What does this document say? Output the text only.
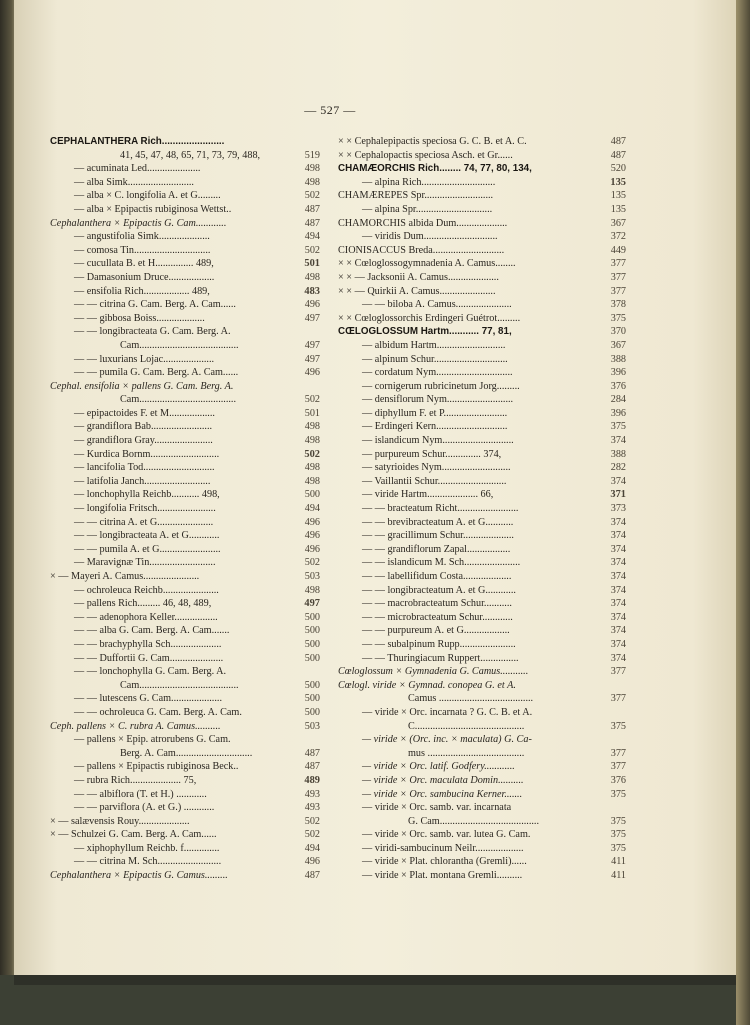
— 527 —
CEPHALANTHERA Rich.......................
41, 45, 47, 48, 65, 71, 73, 79, 488,	519
— acuminata Led.....................	498
— alba Simk..........................	498
— alba × C. longifolia A. et G.........	502
— alba × Epipactis rubiginosa Wettst..	487
Cephalanthera × Epipactis G. Cam............	487
— angustifolia Simk....................	494
— comosa Tin..............................	502
— cucullata B. et H............... 489,	501
— Damasonium Druce..................	498
— ensifolia Rich.................. 489,	483
— — citrina G. Cam. Berg. A. Cam......	496
— — gibbosa Boiss...................	497
— — longibracteata G. Cam. Berg. A.
Cam.......................................	497
— — luxurians Lojac....................	497
— — pumila G. Cam. Berg. A. Cam......	496
Cephal. ensifolia × pallens G. Cam. Berg. A.
Cam......................................	502
— epipactoides F. et M..................	501
— grandiflora Bab........................	498
— grandiflora Gray.......................	498
— Kurdica Bornm...........................	502
— lancifolia Tod............................	498
— latifolia Janch..........................	498
— lonchophylla Reichb........... 498,	500
— longifolia Fritsch.......................	494
— — citrina A. et G......................	496
— — longibracteata A. et G............	496
— — pumila A. et G........................	496
— Maravignæ Tin..........................	502
× — Mayeri A. Camus......................	503
— ochroleuca Reichb......................	498
— pallens Rich......... 46, 48, 489,	497
— — adenophora Keller.................	500
— — alba G. Cam. Berg. A. Cam.......	500
— — brachyphylla Sch....................	500
— — Duffortii G. Cam.....................	500
— — lonchophylla G. Cam. Berg. A.
Cam.......................................	500
— — lutescens G. Cam....................	500
— — ochroleuca G. Cam. Berg. A. Cam.	500
Ceph. pallens × C. rubra A. Camus..........	503
— pallens × Epip. atrorubens G. Cam.
Berg. A. Cam..............................	487
— pallens × Epipactis rubiginosa Beck..	487
— rubra Rich.................... 75,	489
— — albiflora (T. et H.) ............	493
— — parviflora (A. et G.) ............	493
× — salævensis Rouy....................	502
× — Schulzei G. Cam. Berg. A. Cam......	502
— xiphophyllum Reichb. f..............	494
— — citrina M. Sch.........................	496
Cephalanthera × Epipactis G. Camus.........	487
× × Cephalepipactis speciosa G. C. B. et A. C.	487
× × Cephalopactis speciosa Asch. et Gr......	487
CHAMÆORCHIS Rich........ 74, 77, 80, 134,	520
— alpina Rich.............................	135
CHAMÆREPES Spr...........................	135
— alpina Spr..............................	135
CHAMORCHIS albida Dum....................	367
— viridis Dum.............................	372
CIONISACCUS Breda............................	449
× × Cœloglossogymnadenia A. Camus........	377
× × — Jacksonii A. Camus....................	377
× × — Quirkii A. Camus......................	377
— — biloba A. Camus......................	378
× × Cœloglossorchis Erdingeri Guétrot.........	375
CŒLOGLOSSUM Hartm........... 77, 81,	370
— albidum Hartm...........................	367
— alpinum Schur.............................	388
— cordatum Nym..............................	396
— cornigerum rubricinetum Jorg.........	376
— densiflorum Nym..........................	284
— diphyllum F. et P.........................	396
— Erdingeri Kern............................	375
— islandicum Nym............................	374
— purpureum Schur.............. 374,	388
— satyrioides Nym...........................	282
— Vaillantii Schur...........................	374
— viride Hartm.................... 66,	371
— — bracteatum Richt........................	373
— — brevibracteatum A. et G...........	374
— — gracillimum Schur....................	374
— — grandiflorum Zapal.................	374
— — islandicum M. Sch......................	374
— — labellifidum Costa...................	374
— — longibracteatum A. et G............	374
— — macrobracteatum Schur...........	374
— — microbracteatum Schur............	374
— — purpureum A. et G..................	374
— — subalpinum Rupp......................	374
— — Thuringiacum Ruppert...............	374
Cœloglossum × Gymnadenia G. Camus...........	377
Cœlogl. viride × Gymnad. conopea G. et A.
Camus .....................................	377
— viride × Orc. incarnata ? G. C. B. et A.
C...........................................	375
— viride × (Orc. inc. × maculata) G. Ca-
mus ......................................	377
— viride × Orc. latif. Godfery............	377
— viride × Orc. maculata Domin..........	376
— viride × Orc. sambucina Kerner.......	375
— viride × Orc. samb. var. incarnata
G. Cam.......................................	375
— viride × Orc. samb. var. lutea G. Cam.	375
— viridi-sambucinum Neilr...................	375
— viride × Plat. chlorantha (Gremli)......	411
— viride × Plat. montana Gremli..........	411
